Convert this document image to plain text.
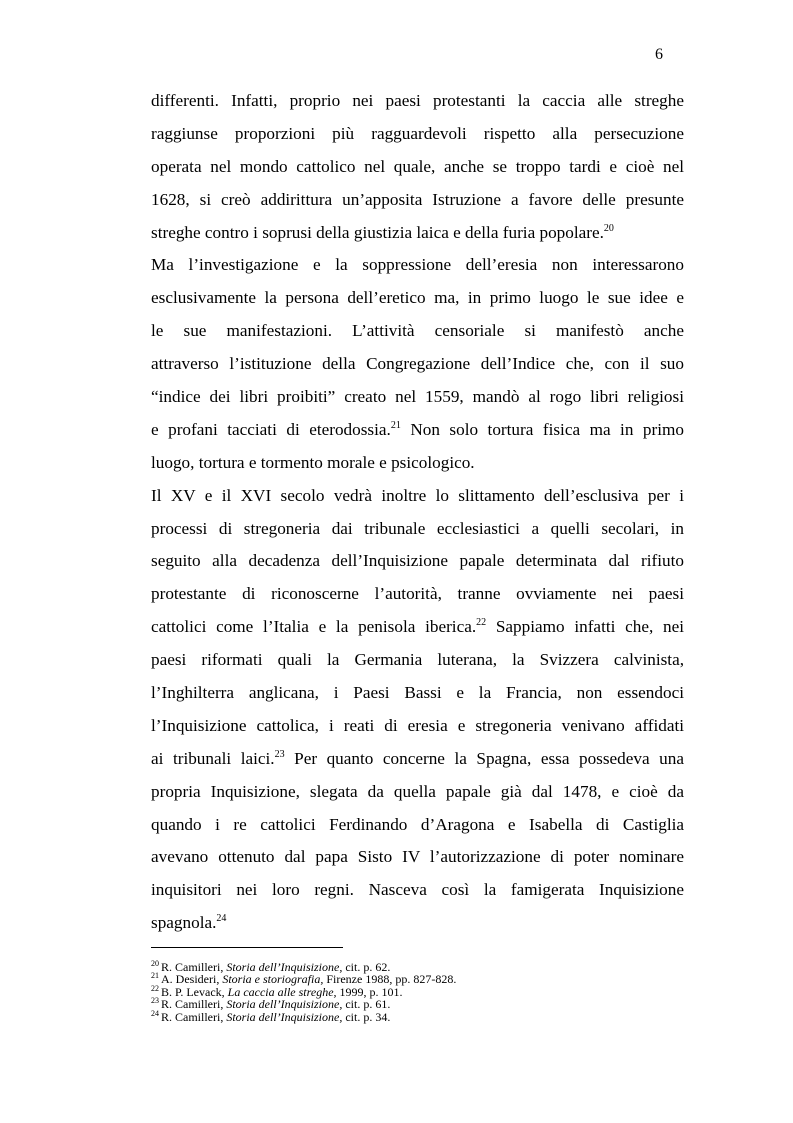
6
differenti. Infatti, proprio nei paesi protestanti la caccia alle streghe
raggiunse proporzioni più ragguardevoli rispetto alla persecuzione
operata nel mondo cattolico nel quale, anche se troppo tardi e cioè nel
1628, si creò addirittura un’apposita Istruzione a favore delle presunte
streghe contro i soprusi della giustizia laica e della furia popolare.$^{20}$
Ma l’investigazione e la soppressione dell’eresia non interessarono
esclusivamente la persona dell’eretico ma, in primo luogo le sue idee e
le sue manifestazioni. L’attività censoriale si manifestò anche
attraverso l’istituzione della Congregazione dell’Indice che, con il suo
“indice dei libri proibiti” creato nel 1559, mandò al rogo libri religiosi
e profani tacciati di eterodossia.$^{21}$ Non solo tortura fisica ma in primo
luogo, tortura e tormento morale e psicologico.
Il XV e il XVI secolo vedrà inoltre lo slittamento dell’esclusiva per i
processi di stregoneria dai tribunale ecclesiastici a quelli secolari, in
seguito alla decadenza dell’Inquisizione papale determinata dal rifiuto
protestante di riconoscerne l’autorità, tranne ovviamente nei paesi
cattolici come l’Italia e la penisola iberica.$^{22}$ Sappiamo infatti che, nei
paesi riformati quali la Germania luterana, la Svizzera calvinista,
l’Inghilterra anglicana, i Paesi Bassi e la Francia, non essendoci
l’Inquisizione cattolica, i reati di eresia e stregoneria venivano affidati
ai tribunali laici.$^{23}$ Per quanto concerne la Spagna, essa possedeva una
propria Inquisizione, slegata da quella papale già dal 1478, e cioè da
quando i re cattolici Ferdinando d’Aragona e Isabella di Castiglia
avevano ottenuto dal papa Sisto IV l’autorizzazione di poter nominare
inquisitori nei loro regni. Nasceva così la famigerata Inquisizione
spagnola.$^{24}$
$^{20}$ R. Camilleri, Storia dell’Inquisizione, cit. p. 62.
$^{21}$ A. Desideri, Storia e storiografia, Firenze 1988, pp. 827-828.
$^{22}$ B. P. Levack, La caccia alle streghe, 1999, p. 101.
$^{23}$ R. Camilleri, Storia dell’Inquisizione, cit. p. 61.
$^{24}$ R. Camilleri, Storia dell’Inquisizione, cit. p. 34.
